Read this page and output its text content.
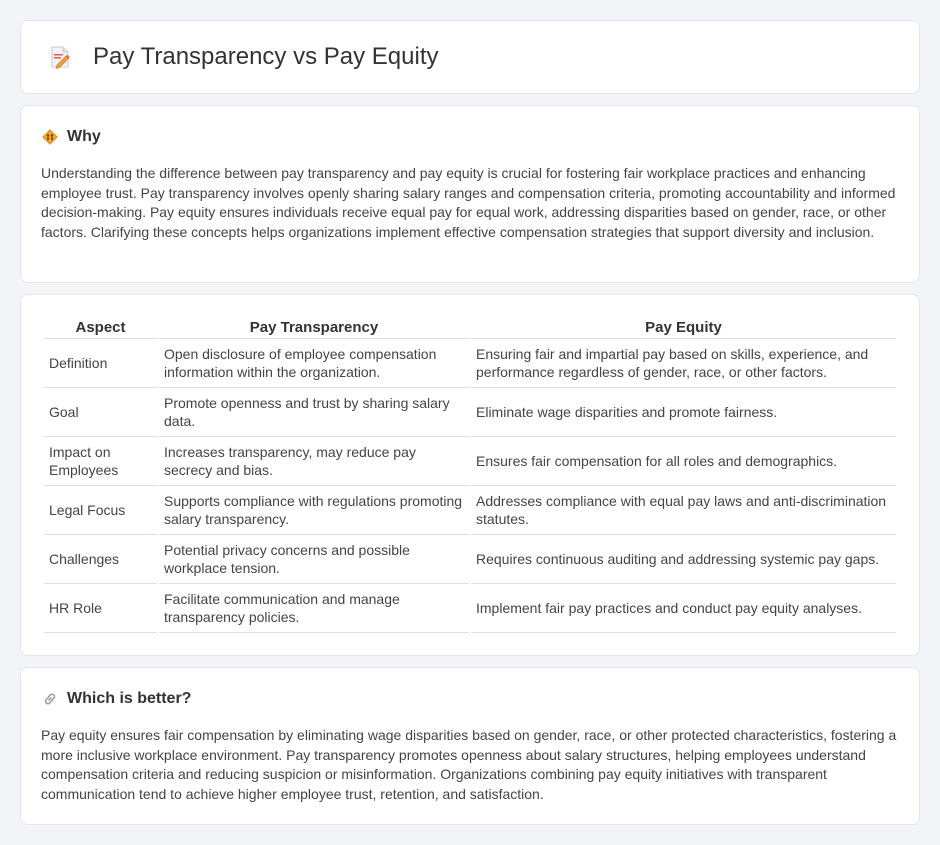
Pay Transparency vs Pay Equity
Why

Understanding the difference between pay transparency and pay equity is crucial for fostering fair workplace practices and enhancing employee trust. Pay transparency involves openly sharing salary ranges and compensation criteria, promoting accountability and informed decision-making. Pay equity ensures individuals receive equal pay for equal work, addressing disparities based on gender, race, or other factors. Clarifying these concepts helps organizations implement effective compensation strategies that support diversity and inclusion.

Aspect	Pay Transparency	Pay Equity
Definition	Open disclosure of employee compensation information within the organization.	Ensuring fair and impartial pay based on skills, experience, and performance regardless of gender, race, or other factors.
Goal	Promote openness and trust by sharing salary data.	Eliminate wage disparities and promote fairness.
Impact on Employees	Increases transparency, may reduce pay secrecy and bias.	Ensures fair compensation for all roles and demographics.
Legal Focus	Supports compliance with regulations promoting salary transparency.	Addresses compliance with equal pay laws and anti-discrimination statutes.
Challenges	Potential privacy concerns and possible workplace tension.	Requires continuous auditing and addressing systemic pay gaps.
HR Role	Facilitate communication and manage transparency policies.	Implement fair pay practices and conduct pay equity analyses.
Which is better?

Pay equity ensures fair compensation by eliminating wage disparities based on gender, race, or other protected characteristics, fostering a more inclusive workplace environment. Pay transparency promotes openness about salary structures, helping employees understand compensation criteria and reducing suspicion or misinformation. Organizations combining pay equity initiatives with transparent communication tend to achieve higher employee trust, retention, and satisfaction.
